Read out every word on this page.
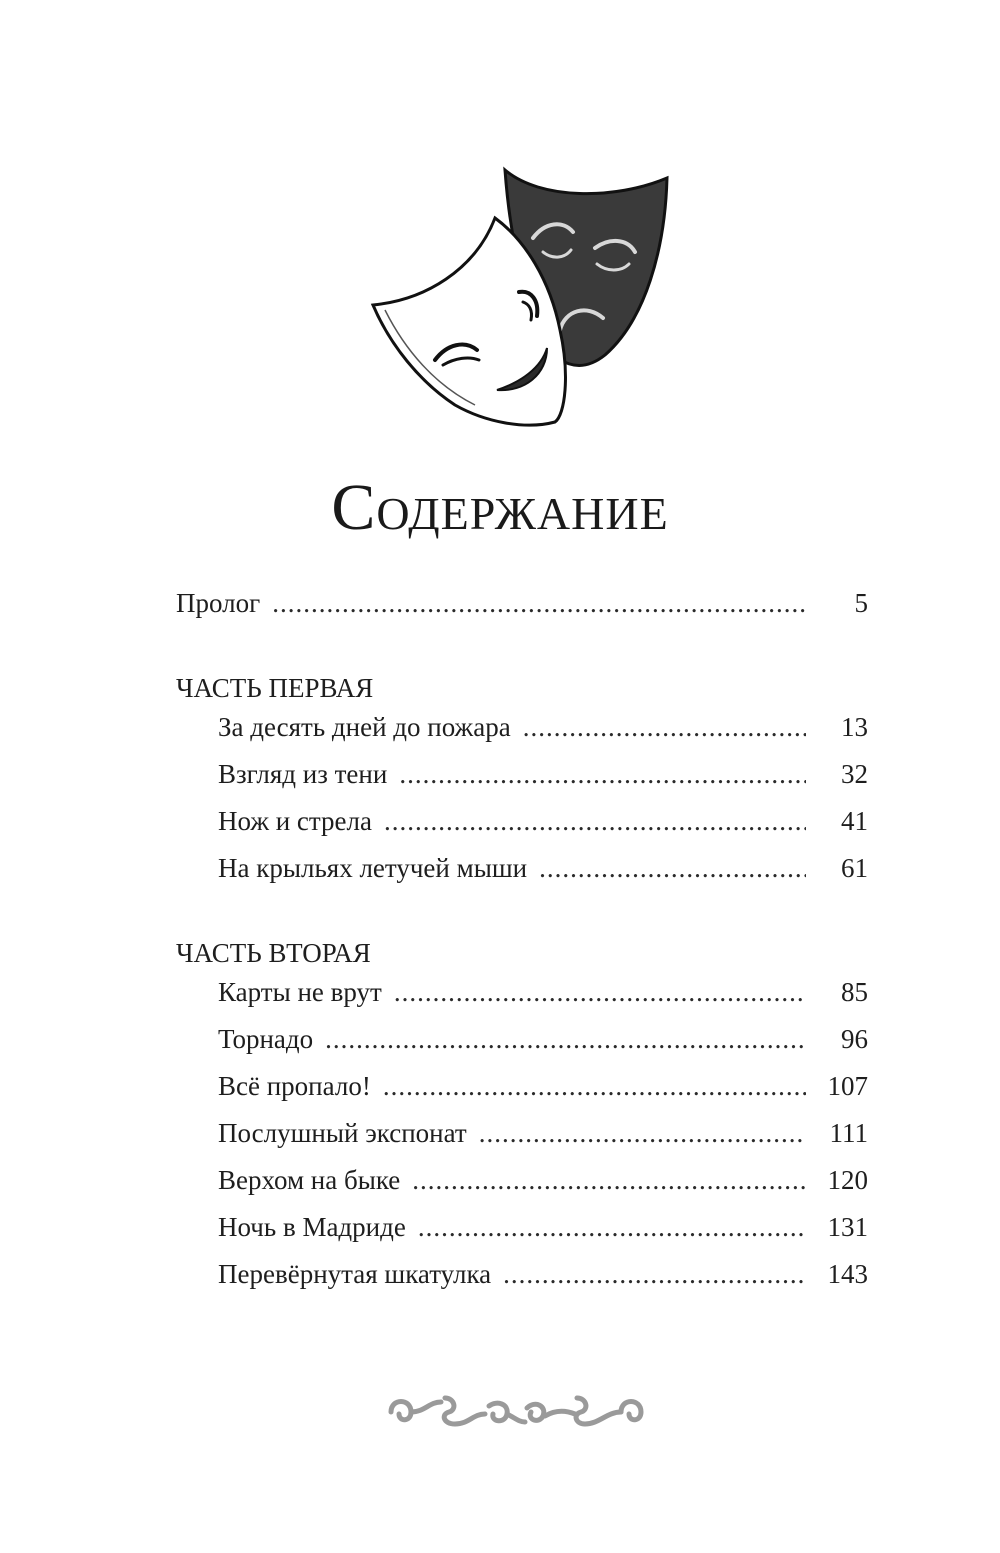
Содержание
Пролог .....	5
ЧАСТЬ ПЕРВАЯ
За десять дней до пожара .....	13
Взгляд из тени .....	32
Нож и стрела .....	41
На крыльях летучей мыши .....	61
ЧАСТЬ ВТОРАЯ
Карты не врут .....	85
Торнадо .....	96
Всё пропало! .....	107
Послушный экспонат .....	111
Верхом на быке .....	120
Ночь в Мадриде .....	131
Перевёрнутая шкатулка .....	143
